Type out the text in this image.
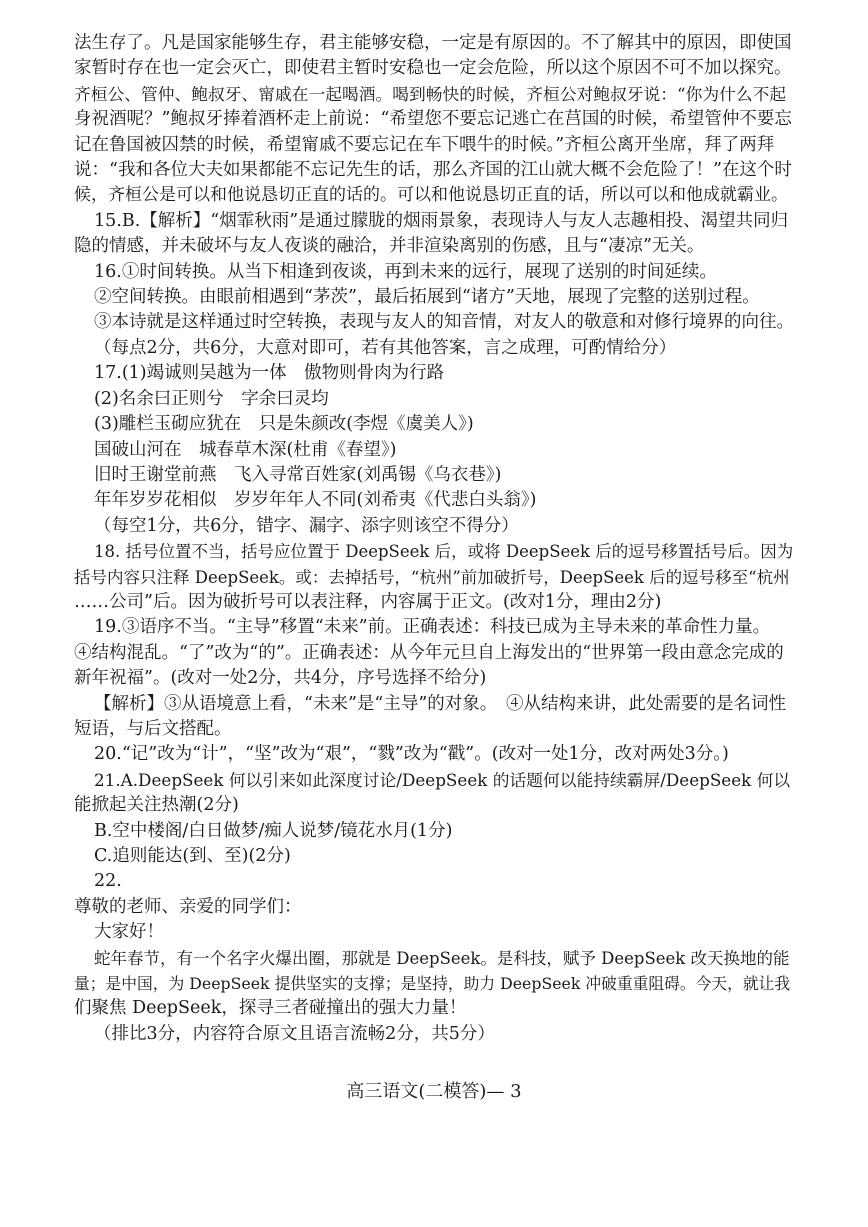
法生存了。凡是国家能够生存，君主能够安稳，一定是有原因的。不了解其中的原因，即使国
家暂时存在也一定会灭亡，即使君主暂时安稳也一定会危险，所以这个原因不可不加以探究。
齐桓公、管仲、鲍叔牙、甯戚在一起喝酒。喝到畅快的时候，齐桓公对鲍叔牙说：“你为什么不起
身祝酒呢？”鲍叔牙捧着酒杯走上前说：“希望您不要忘记逃亡在莒国的时候，希望管仲不要忘
记在鲁国被囚禁的时候，希望甯戚不要忘记在车下喂牛的时候。”齐桓公离开坐席，拜了两拜
说：“我和各位大夫如果都能不忘记先生的话，那么齐国的江山就大概不会危险了！”在这个时
候，齐桓公是可以和他说恳切正直的话的。可以和他说恳切正直的话，所以可以和他成就霸业。
15.B.【解析】“烟霏秋雨”是通过朦胧的烟雨景象，表现诗人与友人志趣相投、渴望共同归
隐的情感，并未破坏与友人夜谈的融洽，并非渲染离别的伤感，且与“凄凉”无关。
16.①时间转换。从当下相逢到夜谈，再到未来的远行，展现了送别的时间延续。
②空间转换。由眼前相遇到“茅茨”，最后拓展到“诸方”天地，展现了完整的送别过程。
③本诗就是这样通过时空转换，表现与友人的知音情，对友人的敬意和对修行境界的向往。
（每点2分，共6分，大意对即可，若有其他答案，言之成理，可酌情给分）
17.(1)竭诚则吴越为一体　傲物则骨肉为行路
(2)名余曰正则兮　字余曰灵均
(3)雕栏玉砌应犹在　只是朱颜改(李煜《虞美人》)
国破山河在　城春草木深(杜甫《春望》)
旧时王谢堂前燕　飞入寻常百姓家(刘禹锡《乌衣巷》)
年年岁岁花相似　岁岁年年人不同(刘希夷《代悲白头翁》)
（每空1分，共6分，错字、漏字、添字则该空不得分）
18. 括号位置不当，括号应位置于 DeepSeek 后，或将 DeepSeek 后的逗号移置括号后。因为
括号内容只注释 DeepSeek。或：去掉括号，“杭州”前加破折号，DeepSeek 后的逗号移至“杭州
……公司”后。因为破折号可以表注释，内容属于正文。(改对1分，理由2分)
19.③语序不当。“主导”移置“未来”前。正确表述：科技已成为主导未来的革命性力量。
④结构混乱。“了”改为“的”。正确表述：从今年元旦自上海发出的“世界第一段由意念完成的
新年祝福”。(改对一处2分，共4分，序号选择不给分)
【解析】③从语境意上看，“未来”是“主导”的对象。　④从结构来讲，此处需要的是名词性
短语，与后文搭配。
20.“记”改为“计”，“坚”改为“艰”，“戮”改为“戳”。(改对一处1分，改对两处3分。)
21.A.DeepSeek 何以引来如此深度讨论/DeepSeek 的话题何以能持续霸屏/DeepSeek 何以
能掀起关注热潮(2分)
B.空中楼阁/白日做梦/痴人说梦/镜花水月(1分)
C.追则能达(到、至)(2分)
22.
尊敬的老师、亲爱的同学们：
大家好！
蛇年春节，有一个名字火爆出圈，那就是 DeepSeek。是科技，赋予 DeepSeek 改天换地的能
量；是中国，为 DeepSeek 提供坚实的支撑；是坚持，助力 DeepSeek 冲破重重阻碍。今天，就让我
们聚焦 DeepSeek，探寻三者碰撞出的强大力量！
（排比3分，内容符合原文且语言流畅2分，共5分）
高三语文(二模答)— 3
